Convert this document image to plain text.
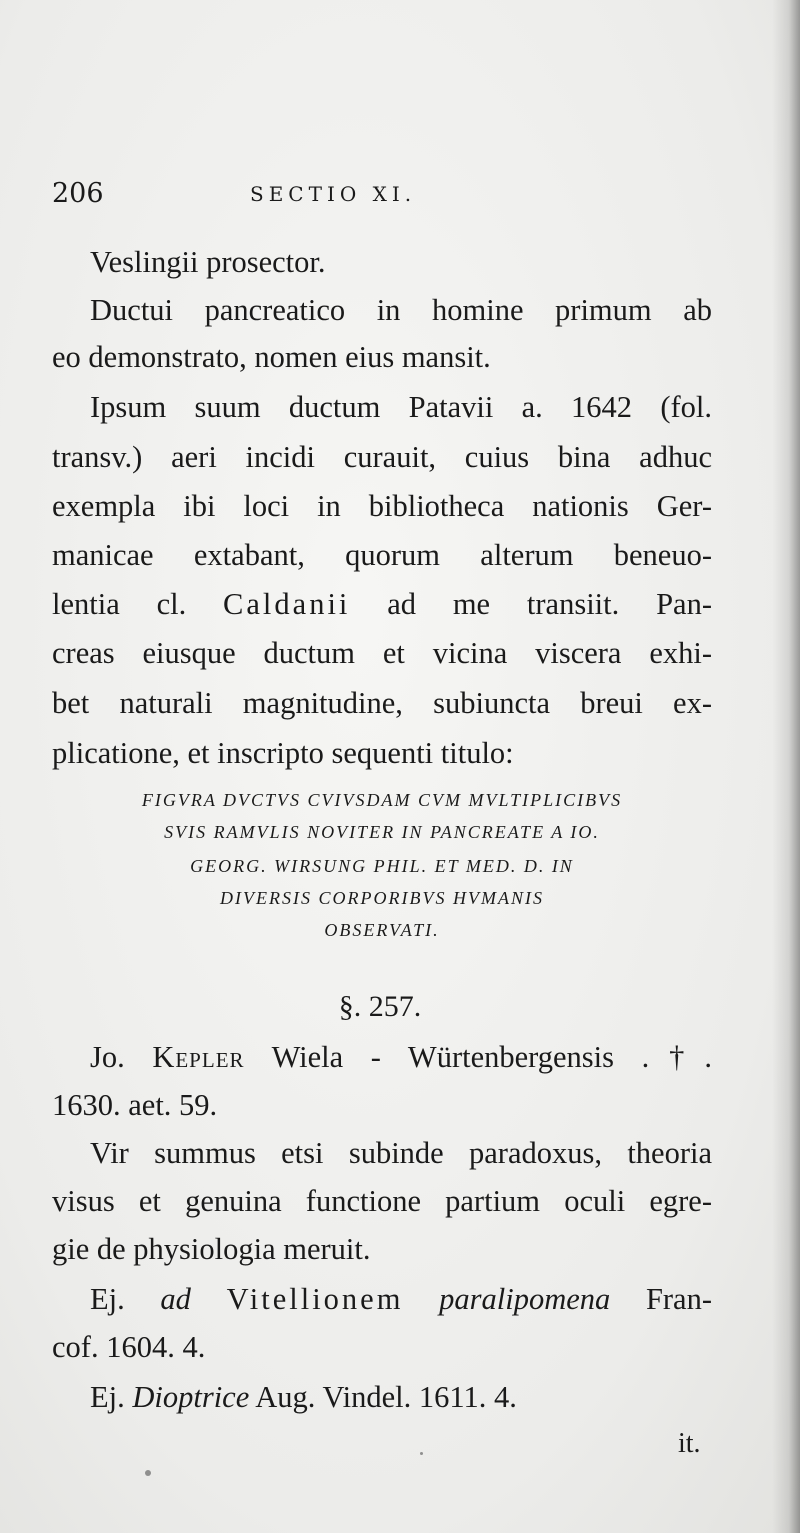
206	SECTIO XI.
Veslingii prosector.
Ductui pancreatico in homine primum ab
eo demonstrato, nomen eius mansit.
Ipsum suum ductum Patavii a. 1642 (fol.
transv.) aeri incidi curauit, cuius bina adhuc
exempla ibi loci in bibliotheca nationis Ger-
manicae extabant, quorum alterum beneuo-
lentia cl. Caldanii ad me transiit. Pan-
creas eiusque ductum et vicina viscera exhi-
bet naturali magnitudine, subiuncta breui ex-
plicatione, et inscripto sequenti titulo:
FIGVRA DVCTVS CVIVSDAM CVM MVLTIPLICIBVS
SVIS RAMVLIS NOVITER IN PANCREATE A IO.
GEORG. WIRSUNG PHIL. ET MED. D. IN
DIVERSIS CORPORIBVS HVMANIS
OBSERVATI.
§. 257.
Jo. Kepler Wiela - Würtenbergensis .†.
1630. aet. 59.
Vir summus etsi subinde paradoxus, theoria
visus et genuina functione partium oculi egre-
gie de physiologia meruit.
Ej. ad Vitellionem paralipomena Fran-
cof. 1604. 4.
Ej. Dioptrice Aug. Vindel. 1611. 4.
it.
